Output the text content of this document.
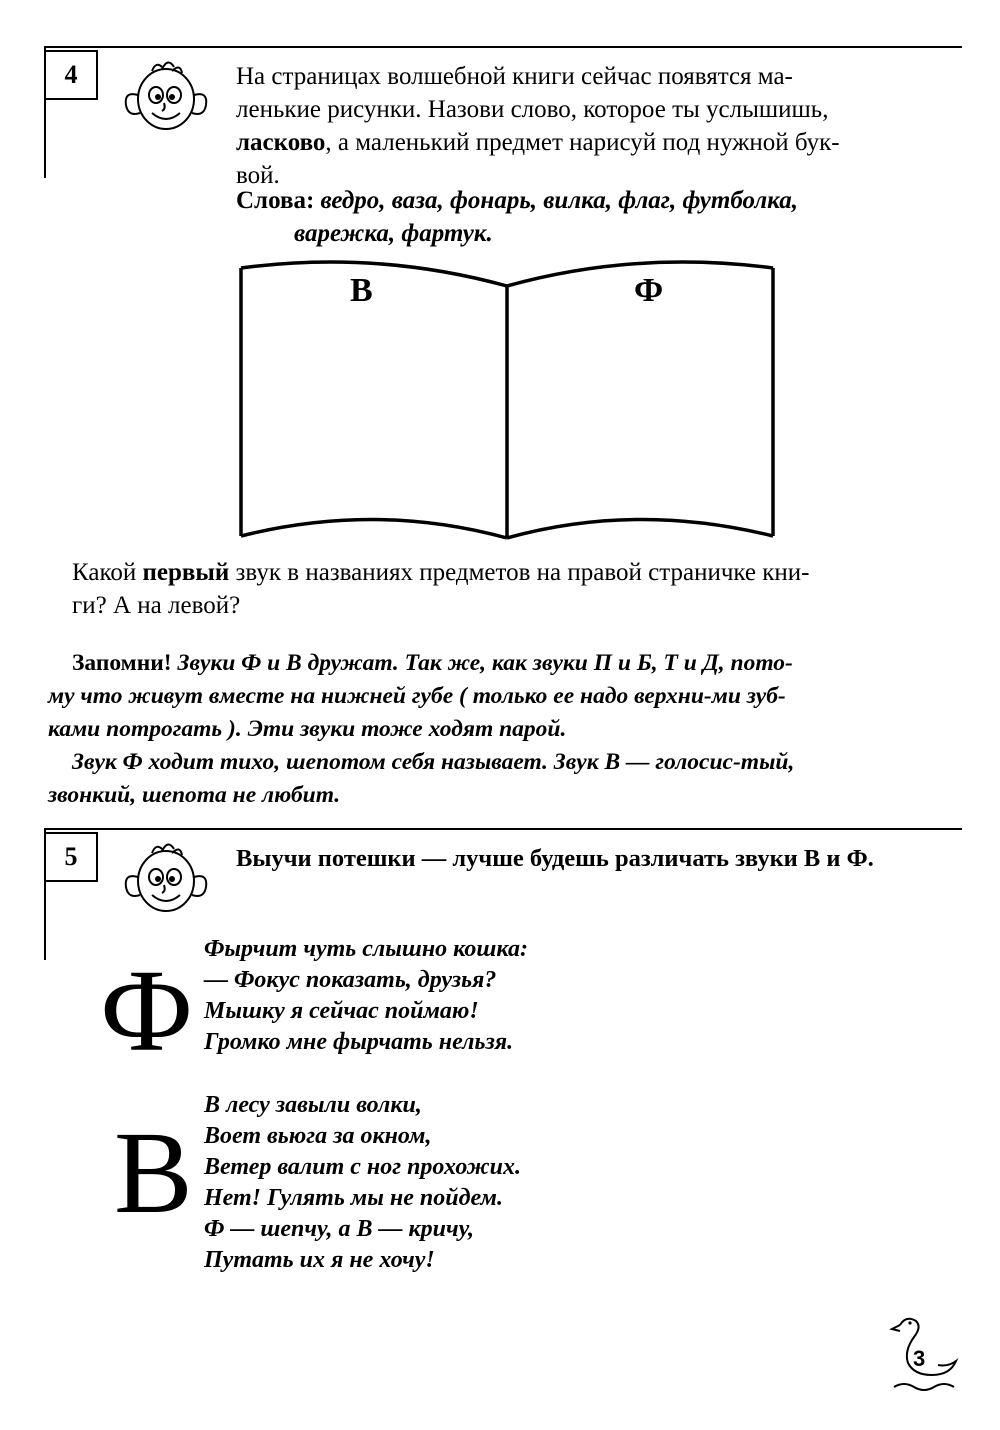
4	На страницах волшебной книги сейчас появятся ма-
ленькие рисунки. Назови слово, которое ты услышишь,
ласково, а маленький предмет нарисуй под нужной бук-
вой.
Слова: ведро, ваза, фонарь, вилка, флаг, футболка,
варежка, фартук.
В	Ф
Какой первый звук в названиях предметов на правой страничке кни-
ги? А на левой?
Запомни! Звуки Ф и В дружат. Так же, как звуки П и Б, Т и Д, пото-
му что живут вместе на нижней губе ( только ее надо верхни-ми зуб-
ками потрогать ). Эти звуки тоже ходят парой.
Звук Ф ходит тихо, шепотом себя называет. Звук В — голосис-тый,
звонкий, шепота не любит.
5	Выучи потешки — лучше будешь различать звуки В и Ф.
Ф Фырчит чуть слышно кошка:
— Фокус показать, друзья?
Мышку я сейчас поймаю!
Громко мне фырчать нельзя.
В
В лесу завыли волки,
Воет вьюга за окном,
Ветер валит с ног прохожих.
Нет! Гулять мы не пойдем.
Ф — шепчу, а В — кричу,
Путать их я не хочу!
3
